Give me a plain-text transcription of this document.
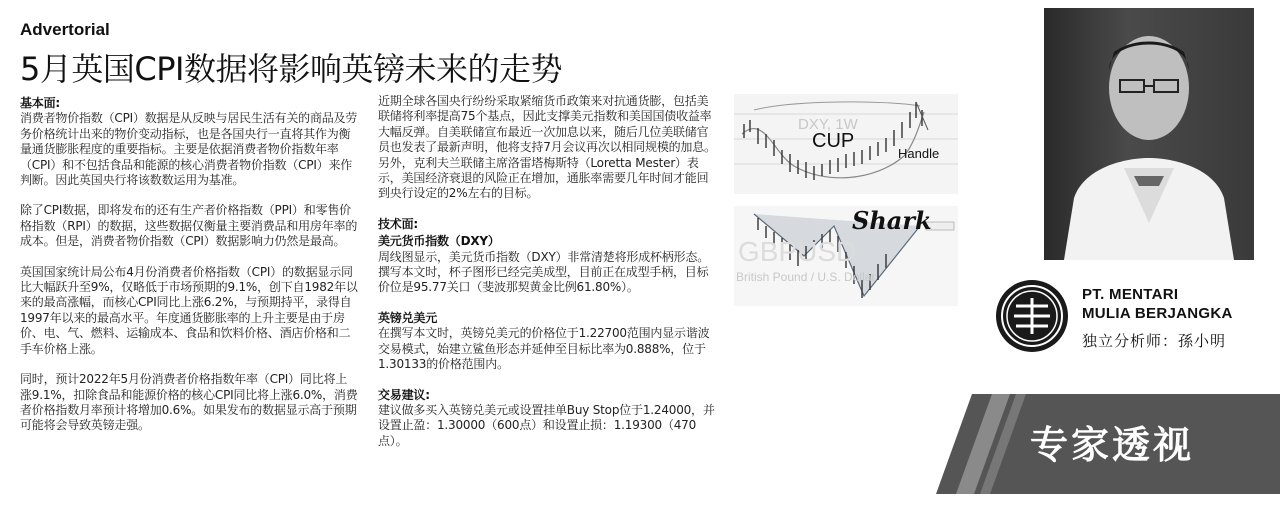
Advertorial
5月英国CPI数据将影响英镑未来的走势

基本面:
消费者物价指数（CPI）数据是从反映与居民生活有关的商品及劳务价格统计出来的物价变动指标，也是各国央行一直将其作为衡量通货膨胀程度的重要指标。主要是依据消费者物价指数年率（CPI）和不包括食品和能源的核心消费者物价指数（CPI）来作判断。因此英国央行将该数数运用为基准。

除了CPI数据，即将发布的还有生产者价格指数（PPI）和零售价格指数（RPI）的数据，这些数据仅衡量主要消费品和用房年率的成本。但是，消费者物价指数（CPI）数据影响力仍然是最高。

英国国家统计局公布4月份消费者价格指数（CPI）的数据显示同比大幅跃升至9%，仅略低于市场预期的9.1%，创下自1982年以来的最高涨幅，而核心CPI同比上涨6.2%，与预期持平，录得自1997年以来的最高水平。年度通货膨胀率的上升主要是由于房价、电、气、燃料、运输成本、食品和饮料价格、酒店价格和二手车价格上涨。

同时，预计2022年5月份消费者价格指数年率（CPI）同比将上涨9.1%，扣除食品和能源价格的核心CPI同比将上涨6.0%，消费者价格指数月率预计将增加0.6%。如果发布的数据显示高于预期可能将会导致英镑走强。

近期全球各国央行纷纷采取紧缩货币政策来对抗通货膨，包括美联储将利率提高75个基点，因此支撑美元指数和美国国债收益率大幅反弹。自美联储宣布最近一次加息以来，随后几位美联储官员也发表了最新声明，他将支持7月会议再次以相同规模的加息。另外，克利夫兰联储主席洛雷塔梅斯特（Loretta Mester）表示，美国经济衰退的风险正在增加，通胀率需要几年时间才能回到央行设定的2%左右的目标。

技术面:
美元货币指数（DXY）
周线图显示，美元货币指数（DXY）非常清楚将形成杯柄形态。撰写本文时，杯子图形已经完美成型，目前正在成型手柄，目标价位是95.77关口（斐波那契黄金比例61.80%）。

英镑兑美元
在撰写本文时，英镑兑美元的价格位于1.22700范围内显示谐波交易模式，始建立鲨鱼形态并延伸至目标比率为0.888%，位于1.30133的价格范围内。

交易建议:
建议做多买入英镑兑美元或设置挂单Buy Stop位于1.24000，并设置止盈：1.30000（600点）和设置止损：1.19300（470点）。

DXY, 1W
CUP
Handle
GBPUSD
British Pound / U.S. Dollar
Shark
PT. MENTARI
MULIA BERJANGKA
独立分析师：孫小明
专家透视
